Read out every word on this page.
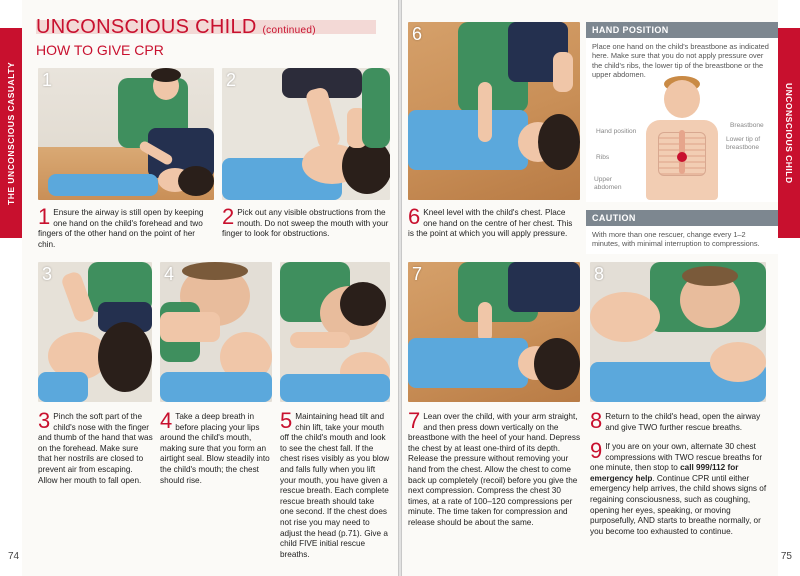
THE UNCONSCIOUS CASUALTY
UNCONSCIOUS CHILD (continued)
HOW TO GIVE CPR
1	2
1 Ensure the airway is still open by keeping one hand on the child's forehead and two fingers of the other hand on the point of her chin.
2 Pick out any visible obstructions from the mouth. Do not sweep the mouth with your finger to look for obstructions.
3	4
3 Pinch the soft part of the child's nose with the finger and thumb of the hand that was on the forehead. Make sure that her nostrils are closed to prevent air from escaping. Allow her mouth to fall open.
4 Take a deep breath in before placing your lips around the child's mouth, making sure that you form an airtight seal. Blow steadily into the child's mouth; the chest should rise.
5 Maintaining head tilt and chin lift, take your mouth off the child's mouth and look to see the chest fall. If the chest rises visibly as you blow and falls fully when you lift your mouth, you have given a rescue breath. Each complete rescue breath should take one second. If the chest does not rise you may need to adjust the head (p.71). Give a child FIVE initial rescue breaths.
74
UNCONSCIOUS CHILD
6	HAND POSITION
Place one hand on the child's breastbone as indicated here. Make sure that you do not apply pressure over the child's ribs, the lower tip of the breastbone or the upper abdomen.
Hand position
Ribs
Upper abdomen
Breastbone
Lower tip of breastbone
CAUTION
With more than one rescuer, change every 1–2 minutes, with minimal interruption to compressions.
6 Kneel level with the child's chest. Place one hand on the centre of her chest. This is the point at which you will apply pressure.
7	8
7 Lean over the child, with your arm straight, and then press down vertically on the breastbone with the heel of your hand. Depress the chest by at least one-third of its depth. Release the pressure without removing your hand from the chest. Allow the chest to come back up completely (recoil) before you give the next compression. Compress the chest 30 times, at a rate of 100–120 compressions per minute. The time taken for compression and release should be about the same.
8 Return to the child's head, open the airway and give TWO further rescue breaths.
9 If you are on your own, alternate 30 chest compressions with TWO rescue breaths for one minute, then stop to call 999/112 for emergency help. Continue CPR until either emergency help arrives, the child shows signs of regaining consciousness, such as coughing, opening her eyes, speaking, or moving purposefully, AND starts to breathe normally, or you become too exhausted to continue.
75
